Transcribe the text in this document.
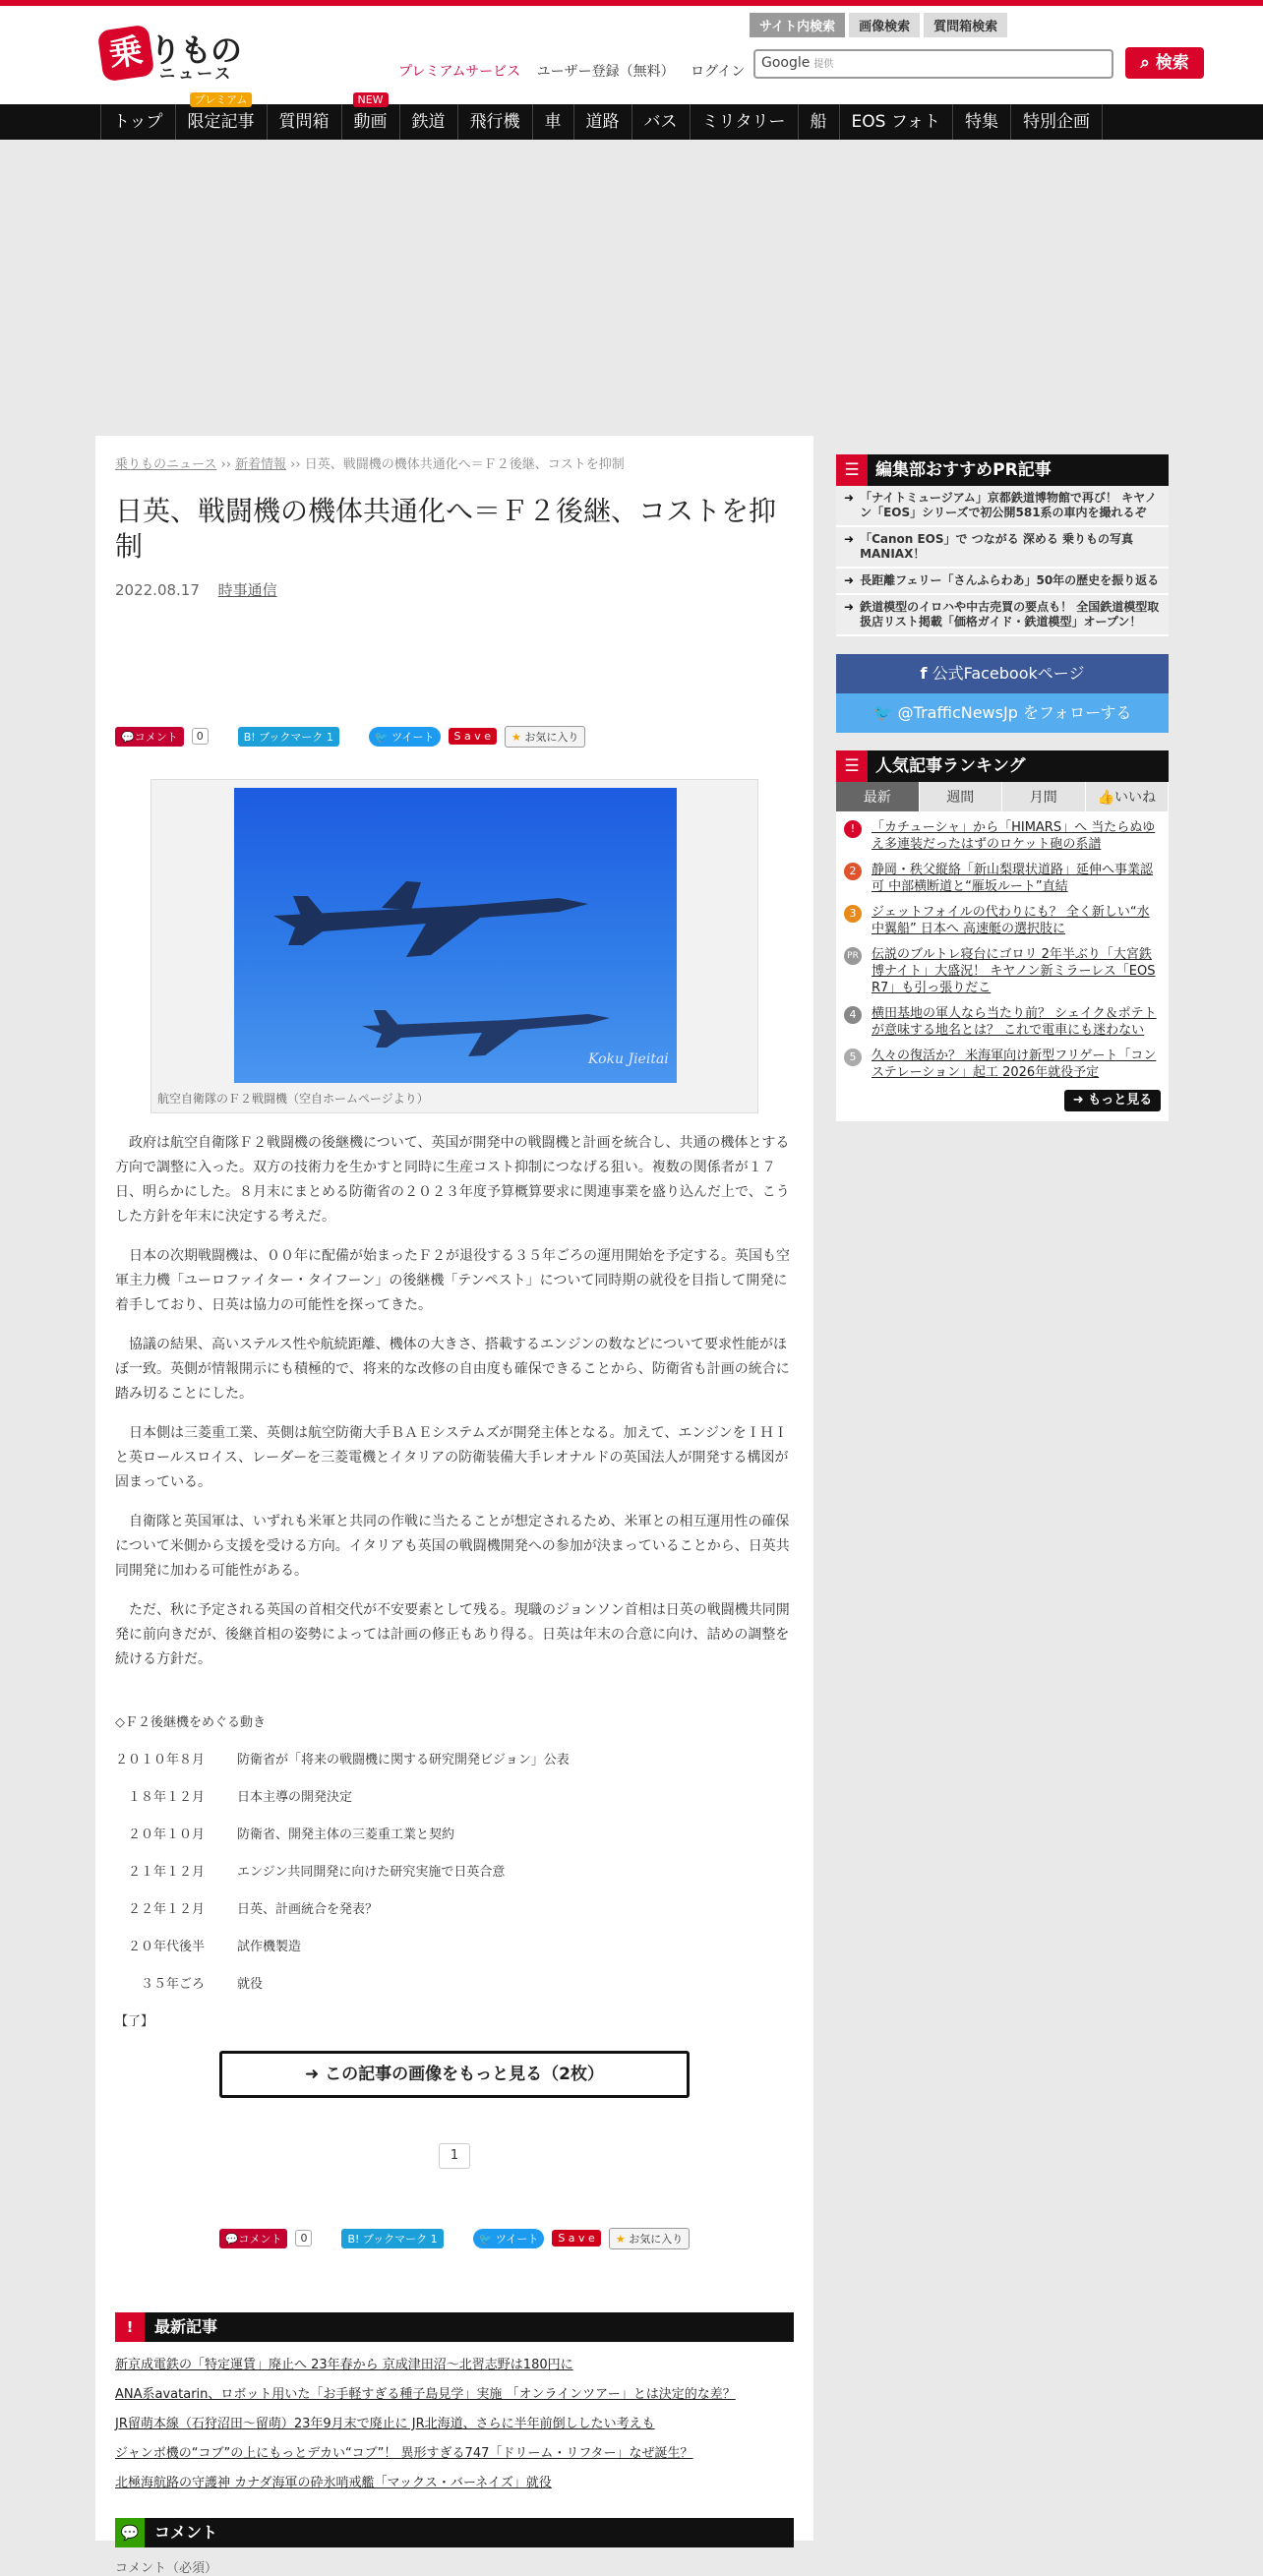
乗 りもの
ニュース	プレミアムサービス ユーザー登録（無料） ログイン
サイト内検索	画像検索	質問箱検索
Google 提供	⌕ 検索
トップ
プレミアム
限定記事	質問箱
NEW
動画	鉄道	飛行機	車	道路	バス	ミリタリー	船	EOS フォト	特集	特別企画
乗りものニュース ›› 新着情報 ›› 日英、戦闘機の機体共通化へ＝Ｆ２後継、コストを抑制
日英、戦闘機の機体共通化へ＝Ｆ２後継、コストを抑制
2022.08.17 時事通信
💬コメント	0	B! ブックマーク 1	🐦 ツイート	S a v e	★ お気に入り
Koku Jieitai
航空自衛隊のＦ２戦闘機（空自ホームページより）

政府は航空自衛隊Ｆ２戦闘機の後継機について、英国が開発中の戦闘機と計画を統合し、共通の機体とする方向で調整に入った。双方の技術力を生かすと同時に生産コスト抑制につなげる狙い。複数の関係者が１７日、明らかにした。８月末にまとめる防衛省の２０２３年度予算概算要求に関連事業を盛り込んだ上で、こうした方針を年末に決定する考えだ。

日本の次期戦闘機は、００年に配備が始まったＦ２が退役する３５年ごろの運用開始を予定する。英国も空軍主力機「ユーロファイター・タイフーン」の後継機「テンペスト」について同時期の就役を目指して開発に着手しており、日英は協力の可能性を探ってきた。

協議の結果、高いステルス性や航続距離、機体の大きさ、搭載するエンジンの数などについて要求性能がほぼ一致。英側が情報開示にも積極的で、将来的な改修の自由度も確保できることから、防衛省も計画の統合に踏み切ることにした。

日本側は三菱重工業、英側は航空防衛大手ＢＡＥシステムズが開発主体となる。加えて、エンジンをＩＨＩと英ロールスロイス、レーダーを三菱電機とイタリアの防衛装備大手レオナルドの英国法人が開発する構図が固まっている。

自衛隊と英国軍は、いずれも米軍と共同の作戦に当たることが想定されるため、米軍との相互運用性の確保について米側から支援を受ける方向。イタリアも英国の戦闘機開発への参加が決まっていることから、日英共同開発に加わる可能性がある。

ただ、秋に予定される英国の首相交代が不安要素として残る。現職のジョンソン首相は日英の戦闘機共同開発に前向きだが、後継首相の姿勢によっては計画の修正もあり得る。日英は年末の合意に向け、詰めの調整を続ける方針だ。

◇Ｆ２後継機をめぐる動き
２０１０年８月	防衛省が「将来の戦闘機に関する研究開発ビジョン」公表
　１８年１２月	日本主導の開発決定
　２０年１０月	防衛省、開発主体の三菱重工業と契約
　２１年１２月	エンジン共同開発に向けた研究実施で日英合意
　２２年１２月	日英、計画統合を発表？
　２０年代後半	試作機製造
　　３５年ごろ	就役
【了】
➜ この記事の画像をもっと見る（2枚）
1
💬コメント	0	B! ブックマーク 1	🐦 ツイート	S a v e	★ お気に入り
!	最新記事
新京成電鉄の「特定運賃」廃止へ 23年春から 京成津田沼～北習志野は180円に
ANA系avatarin、ロボット用いた「お手軽すぎる種子島見学」実施 「オンラインツアー」とは決定的な差？
JR留萌本線（石狩沼田～留萌）23年9月末で廃止に JR北海道、さらに半年前倒ししたい考えも
ジャンボ機の“コブ”の上にもっとデカい“コブ”！ 異形すぎる747「ドリーム・リフター」なぜ誕生？
北極海航路の守護神 カナダ海軍の砕氷哨戒艦「マックス・バーネイズ」就役
💬 コメント
コメント（必須）
☰ 編集部おすすめPR記事
➜ 「ナイトミュージアム」京都鉄道博物館で再び！ キヤノン「EOS」シリーズで初公開581系の車内を撮れるぞ
➜ 「Canon EOS」で つながる 深める 乗りもの写真MANIAX！
➜ 長距離フェリー「さんふらわあ」50年の歴史を振り返る
➜ 鉄道模型のイロハや中古売買の要点も！ 全国鉄道模型取扱店リスト掲載「価格ガイド・鉄道模型」オープン！
f 公式Facebookページ
🐦 @TrafficNewsJp をフォローする
☰ 人気記事ランキング
最新	週間	月間	👍いいね
!	「カチューシャ」から「HIMARS」へ 当たらぬゆえ多連装だったはずのロケット砲の系譜
2	静岡・秩父縦絡「新山梨環状道路」延伸へ事業認可 中部横断道と“雁坂ルート”直結
3	ジェットフォイルの代わりにも？ 全く新しい“水中翼船” 日本へ 高速艇の選択肢に
PR 伝説のブルトレ寝台にゴロリ 2年半ぶり「大宮鉄博ナイト」大盛況！ キヤノン新ミラーレス「EOS R7」も引っ張りだこ
4	横田基地の軍人なら当たり前？ シェイク＆ポテトが意味する地名とは？ これで電車にも迷わない
5	久々の復活か？ 米海軍向け新型フリゲート「コンステレーション」起工 2026年就役予定
➜ もっと見る
